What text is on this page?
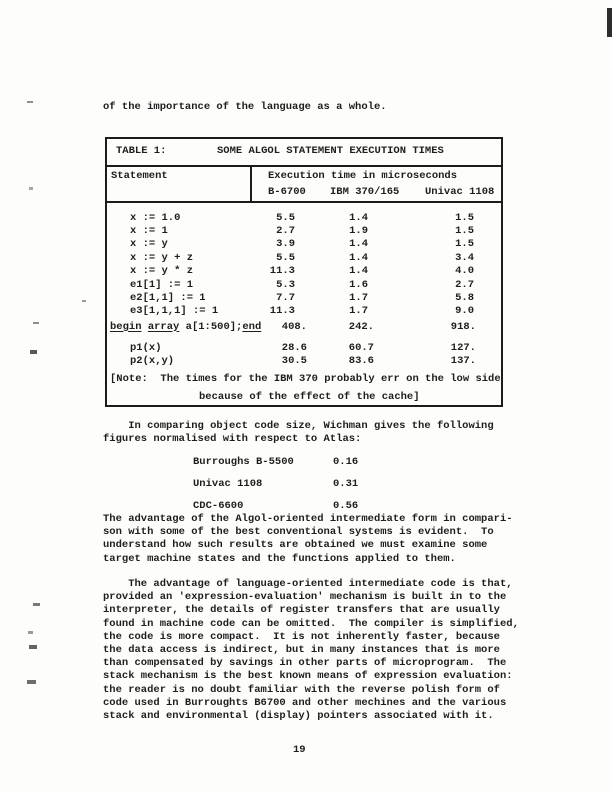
of the importance of the language as a whole.
TABLE 1:	SOME ALGOL STATEMENT EXECUTION TIMES
Statement	Execution time in microseconds
B-6700 IBM 370/165 Univac 1108
x := 1.0	5.5	1.4	1.5
x := 1	2.7	1.9	1.5
x := y	3.9	1.4	1.5
x := y + z	5.5	1.4	3.4
x := y * z	11.3	1.4	4.0
e1[1] := 1	5.3	1.6	2.7
e2[1,1] := 1	7.7	1.7	5.8
e3[1,1,1] := 1	11.3	1.7	9.0
begin array a[1:500];end 408.	242.	918.
p1(x)	28.6	60.7	127.
p2(x,y)	30.5	83.6	137.
[Note:  The times for the IBM 370 probably err on the low side
because of the effect of the cache]
In comparing object code size, Wichman gives the following
figures normalised with respect to Atlas:
Burroughs B-5500	0.16
Univac 1108	0.31
CDC-6600	0.56
The advantage of the Algol-oriented intermediate form in compari-
son with some of the best conventional systems is evident.  To
understand how such results are obtained we must examine some
target machine states and the functions applied to them.
The advantage of language-oriented intermediate code is that,
provided an 'expression-evaluation' mechanism is built in to the
interpreter, the details of register transfers that are usually
found in machine code can be omitted.  The compiler is simplified,
the code is more compact.  It is not inherently faster, because
the data access is indirect, but in many instances that is more
than compensated by savings in other parts of microprogram.  The
stack mechanism is the best known means of expression evaluation:
the reader is no doubt familiar with the reverse polish form of
code used in Burroughts B6700 and other mechines and the various
stack and environmental (display) pointers associated with it.
19
